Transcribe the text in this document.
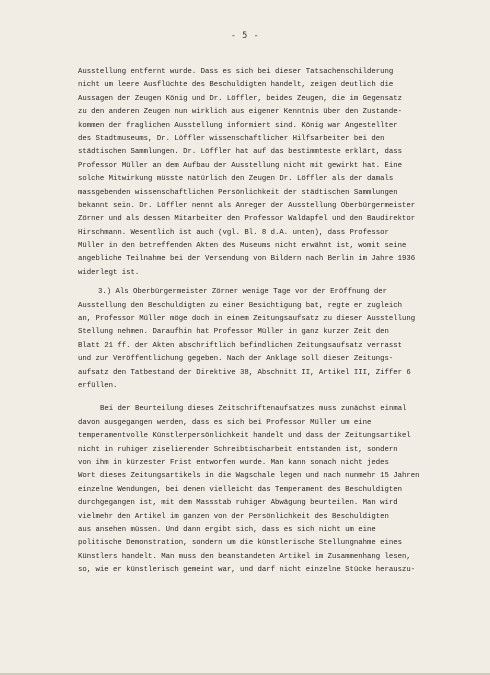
- 5 -
Ausstellung entfernt wurde. Dass es sich bei dieser Tatsachenschilderung
nicht um leere Ausflüchte des Beschuldigten handelt, zeigen deutlich die
Aussagen der Zeugen König und Dr. Löffler, beides Zeugen, die im Gegensatz
zu den anderen Zeugen nun wirklich aus eigener Kenntnis über den Zustande-
kommen der fraglichen Ausstellung informiert sind. König war Angestellter
des Stadtmuseums, Dr. Löffler wissenschaftlicher Hilfsarbeiter bei den
städtischen Sammlungen. Dr. Löffler hat auf das bestimmteste erklärt, dass
Professor Müller an dem Aufbau der Ausstellung nicht mit gewirkt hat. Eine
solche Mitwirkung müsste natürlich den Zeugen Dr. Löffler als der damals
massgebenden wissenschaftlichen Persönlichkeit der städtischen Sammlungen
bekannt sein. Dr. Löffler nennt als Anreger der Ausstellung Oberbürgermeister
Zörner und als dessen Mitarbeiter den Professor Waldapfel und den Baudirektor
Hirschmann. Wesentlich ist auch (vgl. Bl. 8 d.A. unten), dass Professor
Müller in den betreffenden Akten des Museums nicht erwähnt ist, womit seine
angebliche Teilnahme bei der Versendung von Bildern nach Berlin im Jahre 1936
widerlegt ist.
3.) Als Oberbürgermeister Zörner wenige Tage vor der Eröffnung der
Ausstellung den Beschuldigten zu einer Besichtigung bat, regte er zugleich
an, Professor Müller möge doch in einem Zeitungsaufsatz zu dieser Ausstellung
Stellung nehmen. Daraufhin hat Professor Müller in ganz kurzer Zeit den
Blatt 21 ff. der Akten abschriftlich befindlichen Zeitungsaufsatz verrasst
und zur Veröffentlichung gegeben. Nach der Anklage soll dieser Zeitungs-
aufsatz den Tatbestand der Direktive 38, Abschnitt II, Artikel III, Ziffer 6
erfüllen.
Bei der Beurteilung dieses Zeitschriftenaufsatzes muss zunächst einmal
davon ausgegangen werden, dass es sich bei Professor Müller um eine
temperamentvolle Künstlerpersönlichkeit handelt und dass der Zeitungsartikel
nicht in ruhiger ziselierender Schreibtischarbeit entstanden ist, sondern
von ihm in kürzester Frist entworfen wurde. Man kann sonach nicht jedes
Wort dieses Zeitungsartikels in die Wagschale legen und nach nunmehr 15 Jahren
einzelne Wendungen, bei denen vielleicht das Temperament des Beschuldigten
durchgegangen ist, mit dem Massstab ruhiger Abwägung beurteilen. Man wird
vielmehr den Artikel im ganzen von der Persönlichkeit des Beschuldigten
aus ansehen müssen. Und dann ergibt sich, dass es sich nicht um eine
politische Demonstration, sondern um die künstlerische Stellungnahme eines
Künstlers handelt. Man muss den beanstandeten Artikel im Zusammenhang lesen,
so, wie er künstlerisch gemeint war, und darf nicht einzelne Stücke herauszu-
